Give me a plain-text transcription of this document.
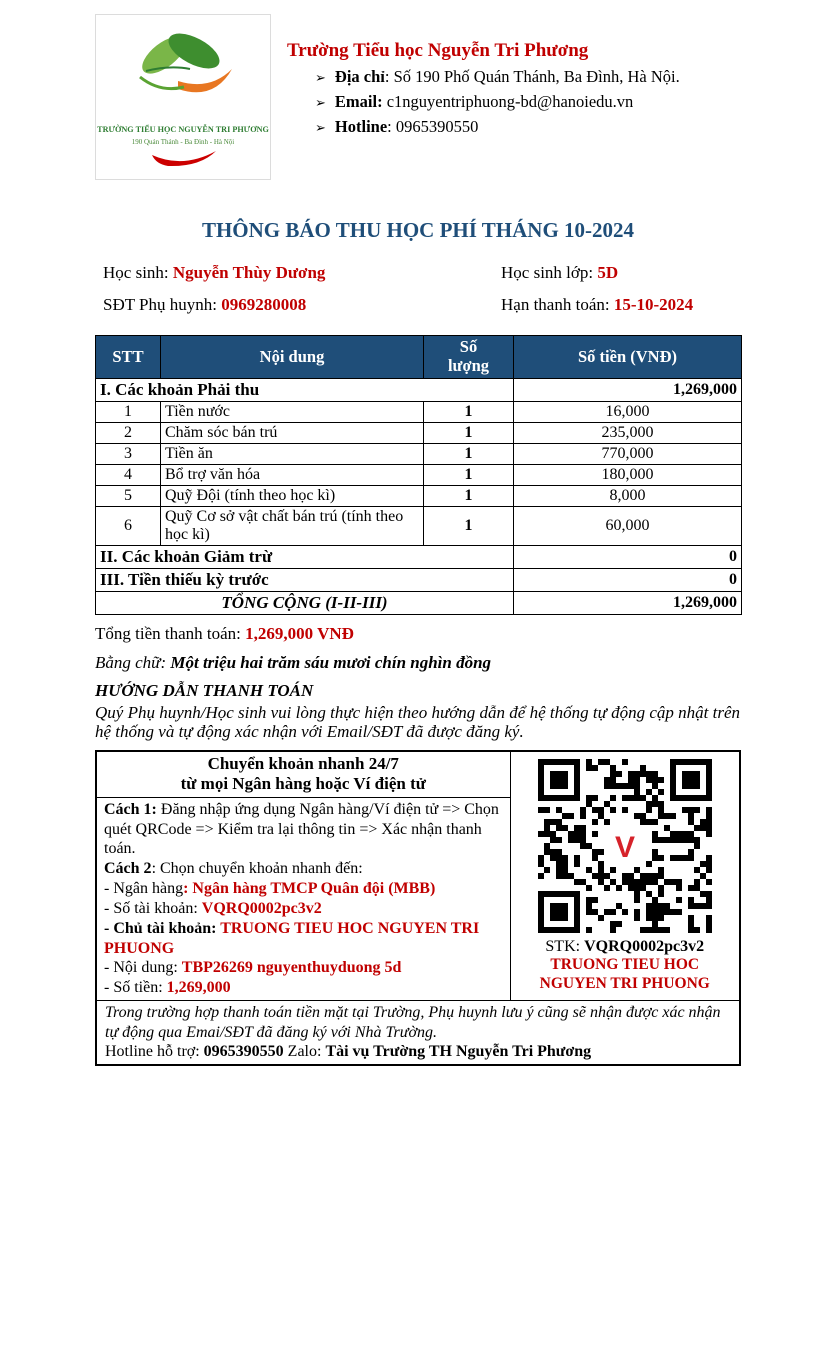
TRƯỜNG TIỂU HỌC NGUYỄN TRI PHƯƠNG
190 Quán Thánh - Ba Đình - Hà Nội
Trường Tiểu học Nguyễn Tri Phương
➢ Địa chỉ: Số 190 Phố Quán Thánh, Ba Đình, Hà Nội.
➢ Email: c1nguyentriphuong-bd@hanoiedu.vn
➢ Hotline: 0965390550
THÔNG BÁO THU HỌC PHÍ THÁNG 10-2024
Học sinh: Nguyễn Thùy Dương
SĐT Phụ huynh: 0969280008
Học sinh lớp: 5D
Hạn thanh toán: 15-10-2024
STT	Nội dung	Số lượng	Số tiền (VNĐ)
I. Các khoản Phải thu			1,269,000
1	Tiền nước	1	16,000
2	Chăm sóc bán trú	1	235,000
3	Tiền ăn	1	770,000
4	Bổ trợ văn hóa	1	180,000
5	Quỹ Đội (tính theo học kì)	1	8,000
6	Quỹ Cơ sở vật chất bán trú (tính theo học kì)	1	60,000
II. Các khoản Giảm trừ			0
III. Tiền thiếu kỳ trước			0
TỔNG CỘNG (I-II-III)			1,269,000
Tổng tiền thanh toán: 1,269,000 VNĐ
Bằng chữ: Một triệu hai trăm sáu mươi chín nghìn đồng
HƯỚNG DẪN THANH TOÁN
Quý Phụ huynh/Học sinh vui lòng thực hiện theo hướng dẫn để hệ thống tự động cập nhật trên hệ thống và tự động xác nhận với Email/SĐT đã được đăng ký.
Chuyển khoản nhanh 24/7
từ mọi Ngân hàng hoặc Ví điện tử

V
STK: VQRQ0002pc3v2
TRUONG TIEU HOC
NGUYEN TRI PHUONG

Cách 1: Đăng nhập ứng dụng Ngân hàng/Ví điện tử => Chọn quét QRCode => Kiểm tra lại thông tin => Xác nhận thanh toán.
Cách 2: Chọn chuyển khoản nhanh đến:
- Ngân hàng: Ngân hàng TMCP Quân đội (MBB)
- Số tài khoản: VQRQ0002pc3v2
- Chủ tài khoản: TRUONG TIEU HOC NGUYEN TRI PHUONG
- Nội dung: TBP26269 nguyenthuyduong 5d
- Số tiền: 1,269,000

Trong trường hợp thanh toán tiền mặt tại Trường, Phụ huynh lưu ý cũng sẽ nhận được xác nhận tự động qua Emai/SĐT đã đăng ký với Nhà Trường.
Hotline hỗ trợ: 0965390550 Zalo: Tài vụ Trường TH Nguyễn Tri Phương
